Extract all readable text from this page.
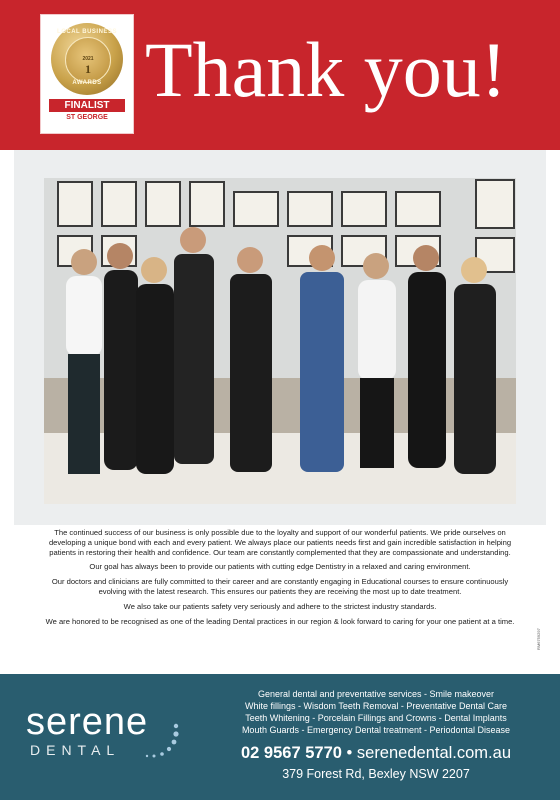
LOCAL BUSINESS
2021
1
AWARDS
FINALIST
ST GEORGE
Thank you!

The continued success of our business is only possible due to the loyalty and support of our wonderful patients. We pride ourselves on developing a unique bond with each and every patient. We always place our patients needs first and gain incredible satisfaction in helping patients in restoring their health and confidence. Our team are constantly complemented that they are compassionate and understanding.

Our goal has always been to provide our patients with cutting edge Dentistry in a relaxed and caring environment.

Our doctors and clinicians are fully committed to their career and are constantly engaging in Educational courses to ensure continuously evolving with the latest research. This ensures our patients they are receiving the most up to date treatment.

We also take our patients safety very seriously and adhere to the strictest industry standards.

We are honored to be recognised as one of the leading Dental practices in our region & look forward to caring for your one patient at a time.

RM6759297
serene
DENTAL
General dental and preventative services - Smile makeover
White fillings - Wisdom Teeth Removal - Preventative Dental Care
Teeth Whitening - Porcelain Fillings and Crowns - Dental Implants
Mouth Guards - Emergency Dental treatment - Periodontal Disease
02 9567 5770 • serenedental.com.au
379 Forest Rd, Bexley NSW 2207
